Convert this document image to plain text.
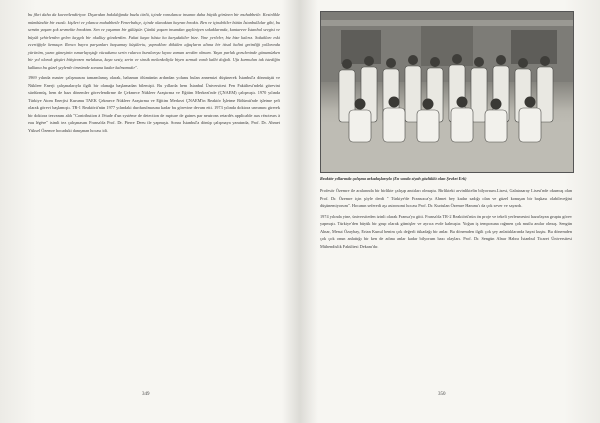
bu fikri daha da kuvvetlendiriyor. Dışarıdan bakıldığında buzlu türlü, içinde ransılanca insanın daha büyük görünen bir muhabbetle. Kesinlikle mümkündür bir esaslı. kişileri ve yılanca muhabbetle Fenerbahçe, içinde olanaktan hayran bıraktı. Ben ve içindekiler bütün İstanbullular gibi, bu semtin yaşam şok sevmekte bıraktım. Sen ve yaşamın bir gülüştür. Çünkü yaşam insandan gayliniyen sokaklarında, kantareve İstanbul sevgisi ve büyük şehirlerden gelen kaygılı bir okulluy gönderdim. Fakat kaşın hâsta ha karşıdakiler bize. Yine yerleler, biz bize kalırız. Sokakları eski ecertiğiyle kemaqır. Renco bayra parşanları başsamay küşüleriu, yaprakları dökülen ağaçların altına bir itisal halini getirdiği yollarında yürürüm, yazın güneşinin ısmarlayıştığı vücudumu serin rularca buralarıyu kıyını zaman sevdim olmam. Yaşın parlak goruleninde günumüzken bir yol olarak gitşürt bitişirezen melakasa, kaya sesiy, serin ve sinsik melankoliyla biyen sırmak vardı kalbi doğali. Ufa kurmulan iak istediğin kalkana bu güzel şeylerde ömrümde sonuna kadar kalmamıdır".

1969 yılında master çalışmasını tamamlamış olarak, babamın ölümünün ardından yolunu bulan annemizi düşünerek İstanbul'a dönmüştü ve Nükleer Enerji çalışmalarıyla ilgili bir olanağa başlamadan bilemişti. Bu yıllarda hem İstanbul Üniversitesi Fen Fakültesi'ndeki görevini sürdürmüş, hem de bazı dönemler görevlendirme ile Çekmece Nükleer Araştırma ve Eğitim Merkezi'nde (ÇNAEM) çalışmıştı. 1970 yılında Türkiye Atom Enerjisi Kurumu TAEK Çekmece Nükleer Araştırma ve Eğitim Merkezi ÇNAEM'in Reaktör İşletme Bölümü'nde işletme şefi olarak görevi başlamıştı. TR-1 Reaktörü'nün 1977 yılındaki durdurulmasına kadar bu görevine devam etti. 1973 yılında doktora unvanını girerek bir doktora tezvanını aldı "Contribution à l'étude d'un système de detection de rupture de gaines par neutrons retardés applicable aux réacteurs à eau légère" isimli tez çalışmasını Fransa'da Prof. Dr. Pierre Deeu ile yapmıştı. Sonra İstanbul'a dönüp çalışmaya yanıtında, Prof. Dr. Ahmet Yüksel Özemre hocaduki danışman hocası idi.

349

Reaktör yıllarında çalışma arkadaşlarıyla (En sonda siyah gözlüklü olan Şevket Erk)

Profesör Özemre ile aralarında bir birlikte çalışıp anıtıları olmuştu. Birlikteki arvinliktelin bilyorsum.Lisesi, Galatasaray Lisesi'nde okumuş olan Prof. Dr. Özemre için şöyle derdi " Türkiye'de Fransızca'yı Ahmet bey kadar sadığı olan ve güzel konuşan bir başkası olabileceğini düşünemiyorum". Hocanın seferedi aşı astronomi hocası Prof. Dr. Kurtulan Özemre Hanımı'ı da çok sever ve sayardı.

1974 yılında yine, üniversiteden izinli olarak Fransa'ya gitti. Fransa'da TR-2 Reaktörü'nün ön proje ve tekeli yerlesmesini hazırlayan gruptu görev yapmıştı. Türkiye'den büyük bir grup olarak gitmişler ve ayrıca evde kalmıştır. Yoğun iş temposuna rağmen çok mutlu anılar olmuş. Sengün Alnar, Mesut Özaybay, Ertan Kunul benim çok değerli tükadağı bir anlar. Bu dönemden ilgili çok şey anlattıklarında hayat kuştu. Bu dönemden çok çok onun anlattığı bir ken de adına anlar kadar bilyorum bazı olayları. Prof. Dr. Sengün Alnar Habra İstanbul Ticaret Üniversitesi Mühendislik Fakültesi Dekanı'dır.

350
